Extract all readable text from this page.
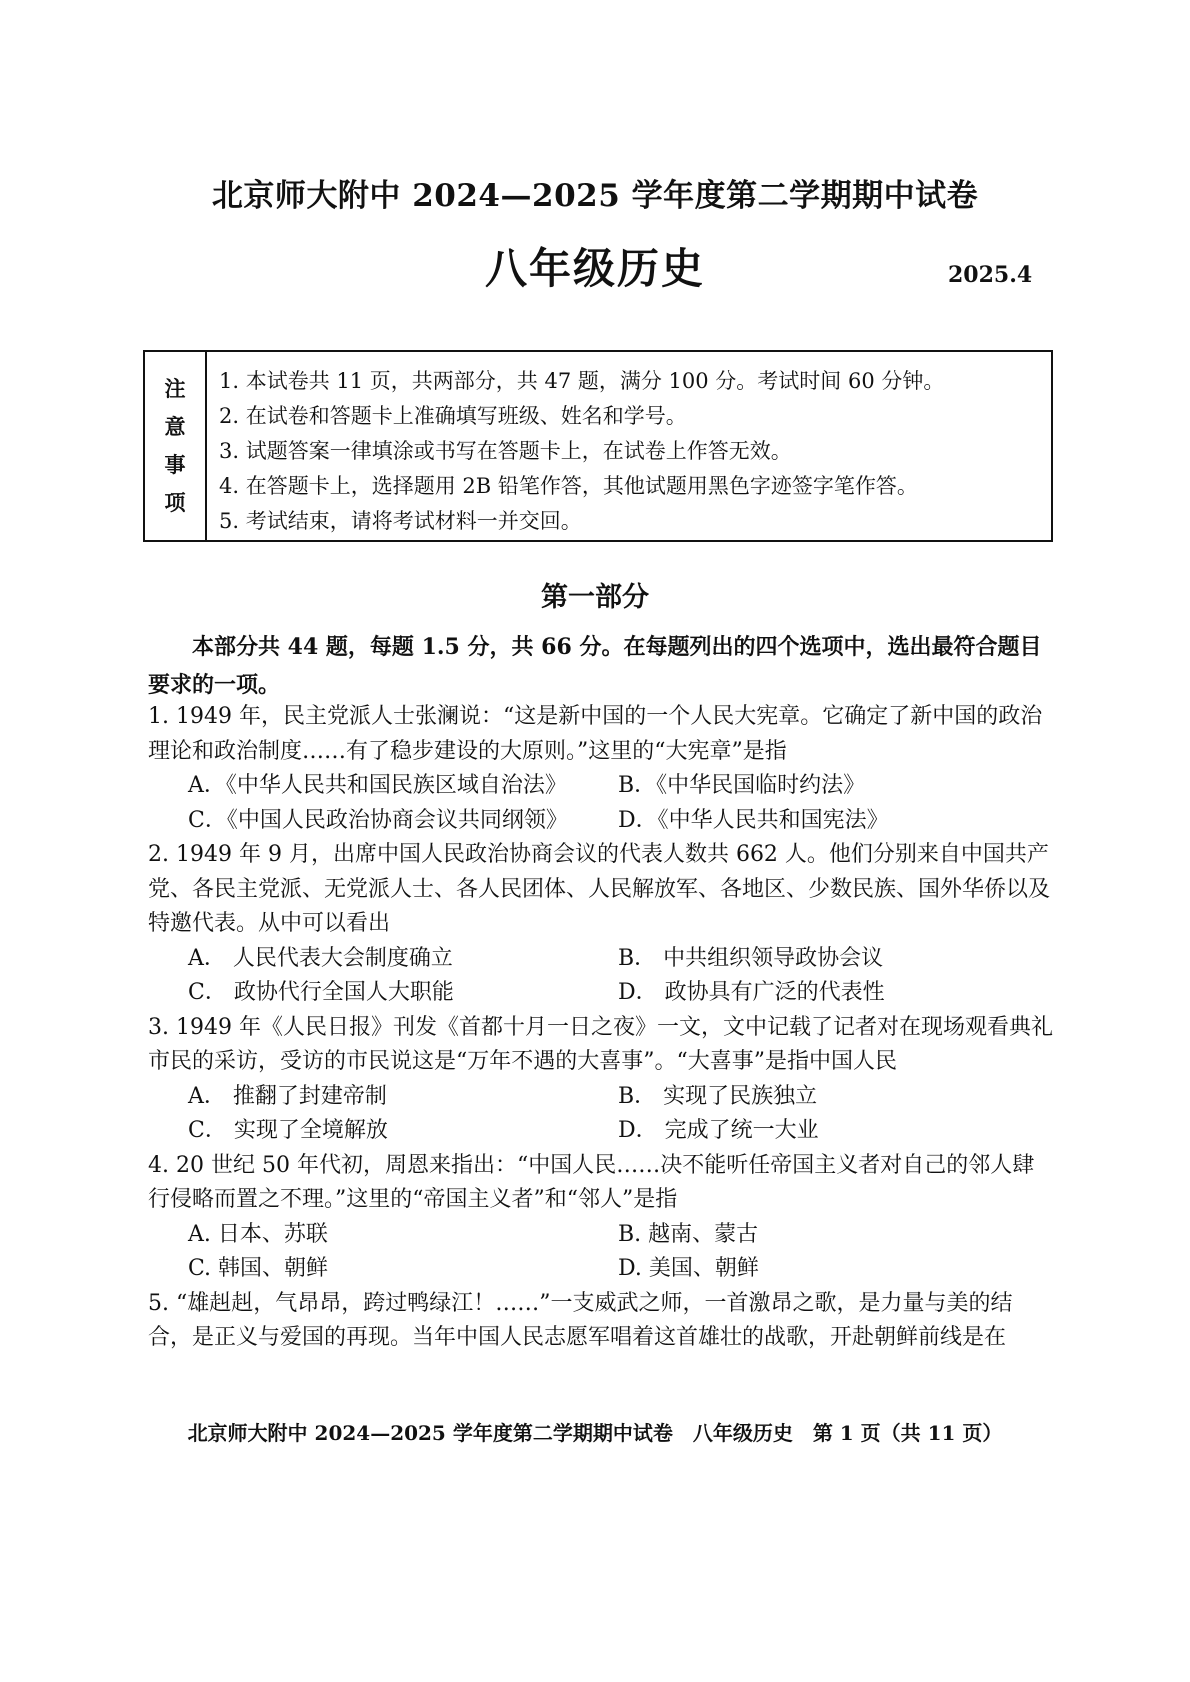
北京师大附中 2024—2025 学年度第二学期期中试卷
八年级历史	2025.4
注
意
事
项
1. 本试卷共 11 页，共两部分，共 47 题，满分 100 分。考试时间 60 分钟。
2. 在试卷和答题卡上准确填写班级、姓名和学号。
3. 试题答案一律填涂或书写在答题卡上，在试卷上作答无效。
4. 在答题卡上，选择题用 2B 铅笔作答，其他试题用黑色字迹签字笔作答。
5. 考试结束，请将考试材料一并交回。
第一部分
本部分共 44 题，每题 1.5 分，共 66 分。在每题列出的四个选项中，选出最符合题目要求的一项。
1. 1949 年，民主党派人士张澜说：“这是新中国的一个人民大宪章。它确定了新中国的政治理论和政治制度……有了稳步建设的大原则。”这里的“大宪章”是指
A．《中华人民共和国民族区域自治法》	B．《中华民国临时约法》
C．《中国人民政治协商会议共同纲领》	D．《中华人民共和国宪法》
2. 1949 年 9 月，出席中国人民政治协商会议的代表人数共 662 人。他们分别来自中国共产党、各民主党派、无党派人士、各人民团体、人民解放军、各地区、少数民族、国外华侨以及特邀代表。从中可以看出
A． 人民代表大会制度确立	B． 中共组织领导政协会议
C． 政协代行全国人大职能	D． 政协具有广泛的代表性
3. 1949 年《人民日报》刊发《首都十月一日之夜》一文，文中记载了记者对在现场观看典礼市民的采访，受访的市民说这是“万年不遇的大喜事”。“大喜事”是指中国人民
A． 推翻了封建帝制	B． 实现了民族独立
C． 实现了全境解放	D． 完成了统一大业
4. 20 世纪 50 年代初，周恩来指出：“中国人民……决不能听任帝国主义者对自己的邻人肆行侵略而置之不理。”这里的“帝国主义者”和“邻人”是指
A. 日本、苏联	B. 越南、蒙古
C. 韩国、朝鲜	D. 美国、朝鲜
5. “雄赳赳，气昂昂，跨过鸭绿江！……”一支威武之师，一首激昂之歌，是力量与美的结合，是正义与爱国的再现。当年中国人民志愿军唱着这首雄壮的战歌，开赴朝鲜前线是在
北京师大附中 2024—2025 学年度第二学期期中试卷　八年级历史　第 1 页（共 11 页）
